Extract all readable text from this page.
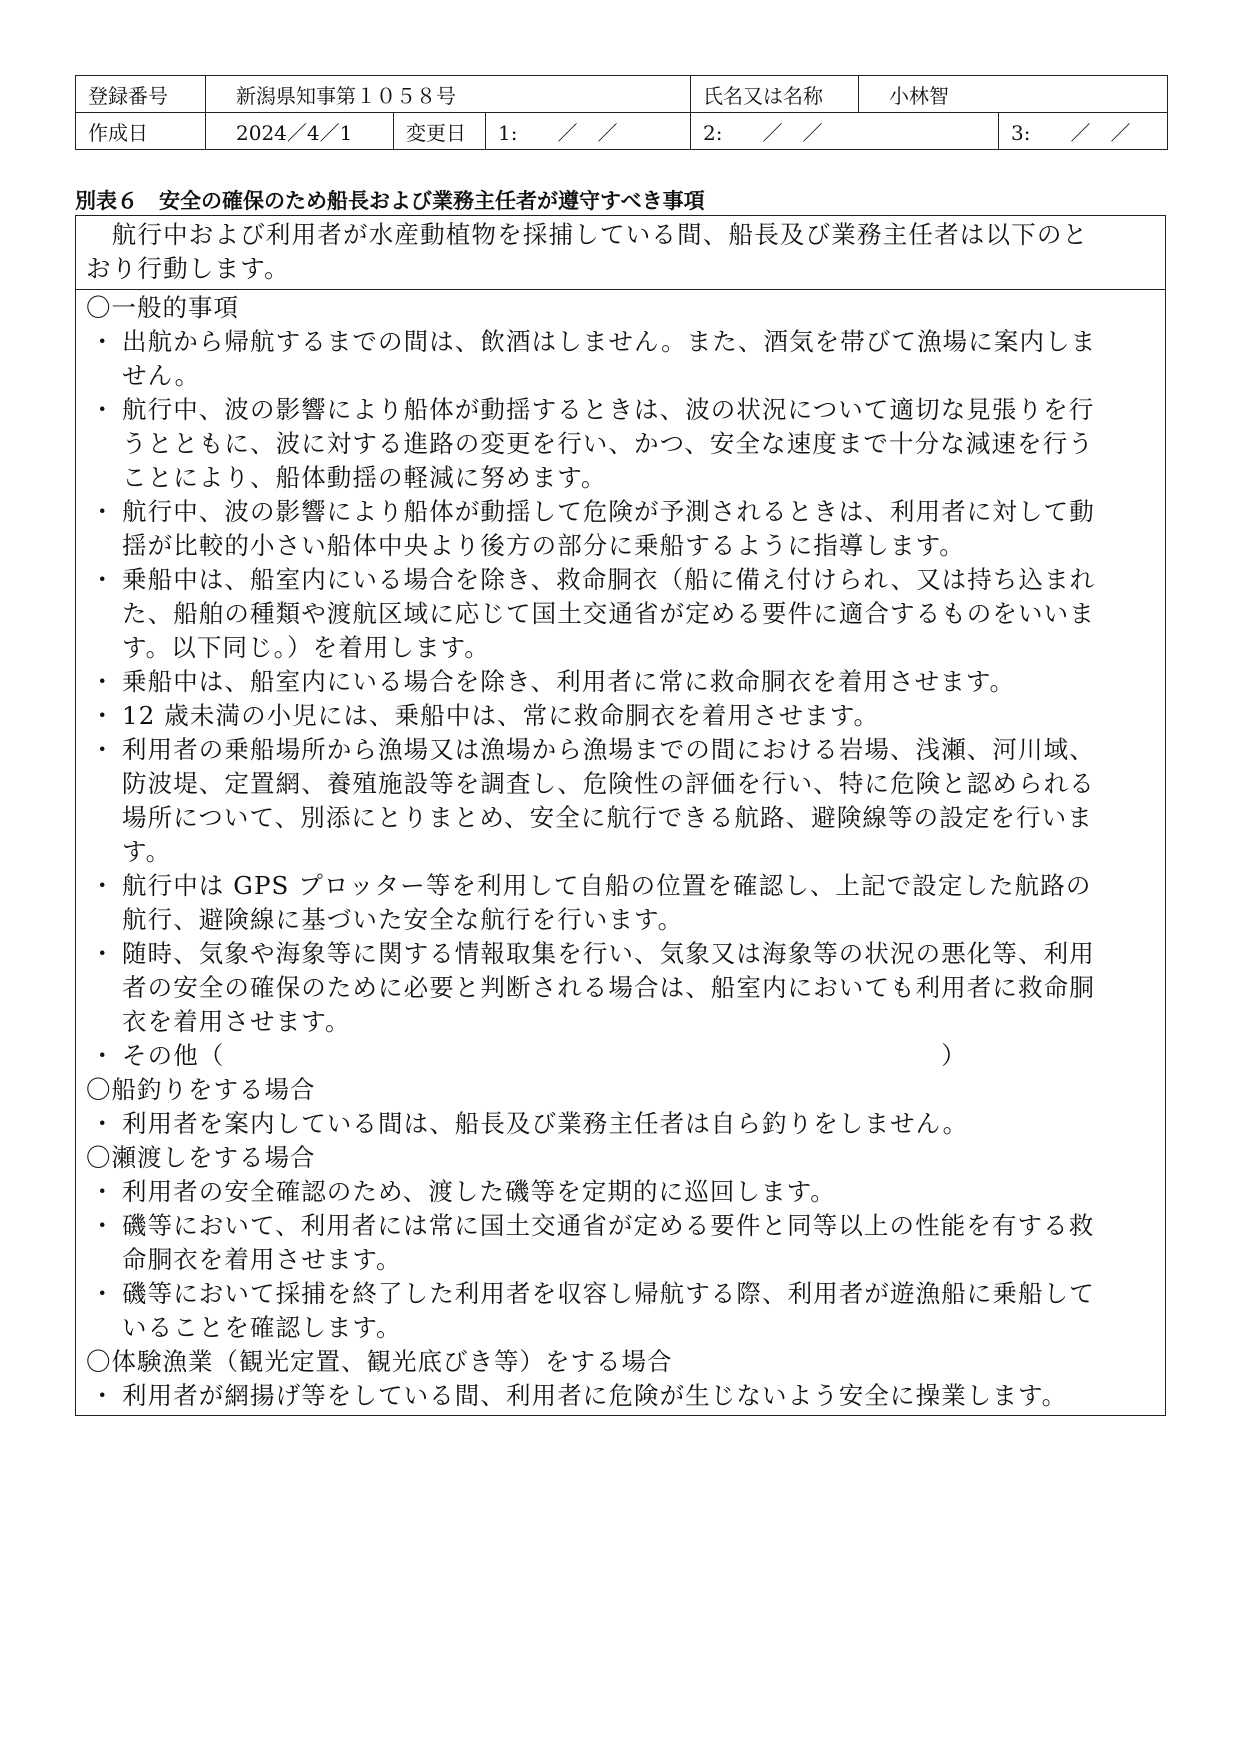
登録番号	新潟県知事第１０５８号			氏名又は名称	小林智	
作成日	2024／4／1	変更日	1:　　／　／	2:　　／　／		3:　　／　／
別表６　安全の確保のため船長および業務主任者が遵守すべき事項
　航行中および利用者が水産動植物を採捕している間、船長及び業務主任者は以下のと
おり行動します。
〇一般的事項
・ 出航から帰航するまでの間は、飲酒はしません。また、酒気を帯びて漁場に案内しま
せん。
・ 航行中、波の影響により船体が動揺するときは、波の状況について適切な見張りを行
うとともに、波に対する進路の変更を行い、かつ、安全な速度まで十分な減速を行う
ことにより、船体動揺の軽減に努めます。
・ 航行中、波の影響により船体が動揺して危険が予測されるときは、利用者に対して動
揺が比較的小さい船体中央より後方の部分に乗船するように指導します。
・ 乗船中は、船室内にいる場合を除き、救命胴衣（船に備え付けられ、又は持ち込まれ
た、船舶の種類や渡航区域に応じて国土交通省が定める要件に適合するものをいいま
す。以下同じ。）を着用します。
・ 乗船中は、船室内にいる場合を除き、利用者に常に救命胴衣を着用させます。
・ 12 歳未満の小児には、乗船中は、常に救命胴衣を着用させます。
・ 利用者の乗船場所から漁場又は漁場から漁場までの間における岩場、浅瀬、河川域、
防波堤、定置網、養殖施設等を調査し、危険性の評価を行い、特に危険と認められる
場所について、別添にとりまとめ、安全に航行できる航路、避険線等の設定を行いま
す。
・ 航行中は GPS プロッター等を利用して自船の位置を確認し、上記で設定した航路の
航行、避険線に基づいた安全な航行を行います。
・ 随時、気象や海象等に関する情報取集を行い、気象又は海象等の状況の悪化等、利用
者の安全の確保のために必要と判断される場合は、船室内においても利用者に救命胴
衣を着用させます。
・ その他（　　　　　　　　　　　　　　　　　　　　　　　　　　　　）
〇船釣りをする場合
・ 利用者を案内している間は、船長及び業務主任者は自ら釣りをしません。
〇瀬渡しをする場合
・ 利用者の安全確認のため、渡した磯等を定期的に巡回します。
・ 磯等において、利用者には常に国土交通省が定める要件と同等以上の性能を有する救
命胴衣を着用させます。
・ 磯等において採捕を終了した利用者を収容し帰航する際、利用者が遊漁船に乗船して
いることを確認します。
〇体験漁業（観光定置、観光底びき等）をする場合
・ 利用者が網揚げ等をしている間、利用者に危険が生じないよう安全に操業します。
